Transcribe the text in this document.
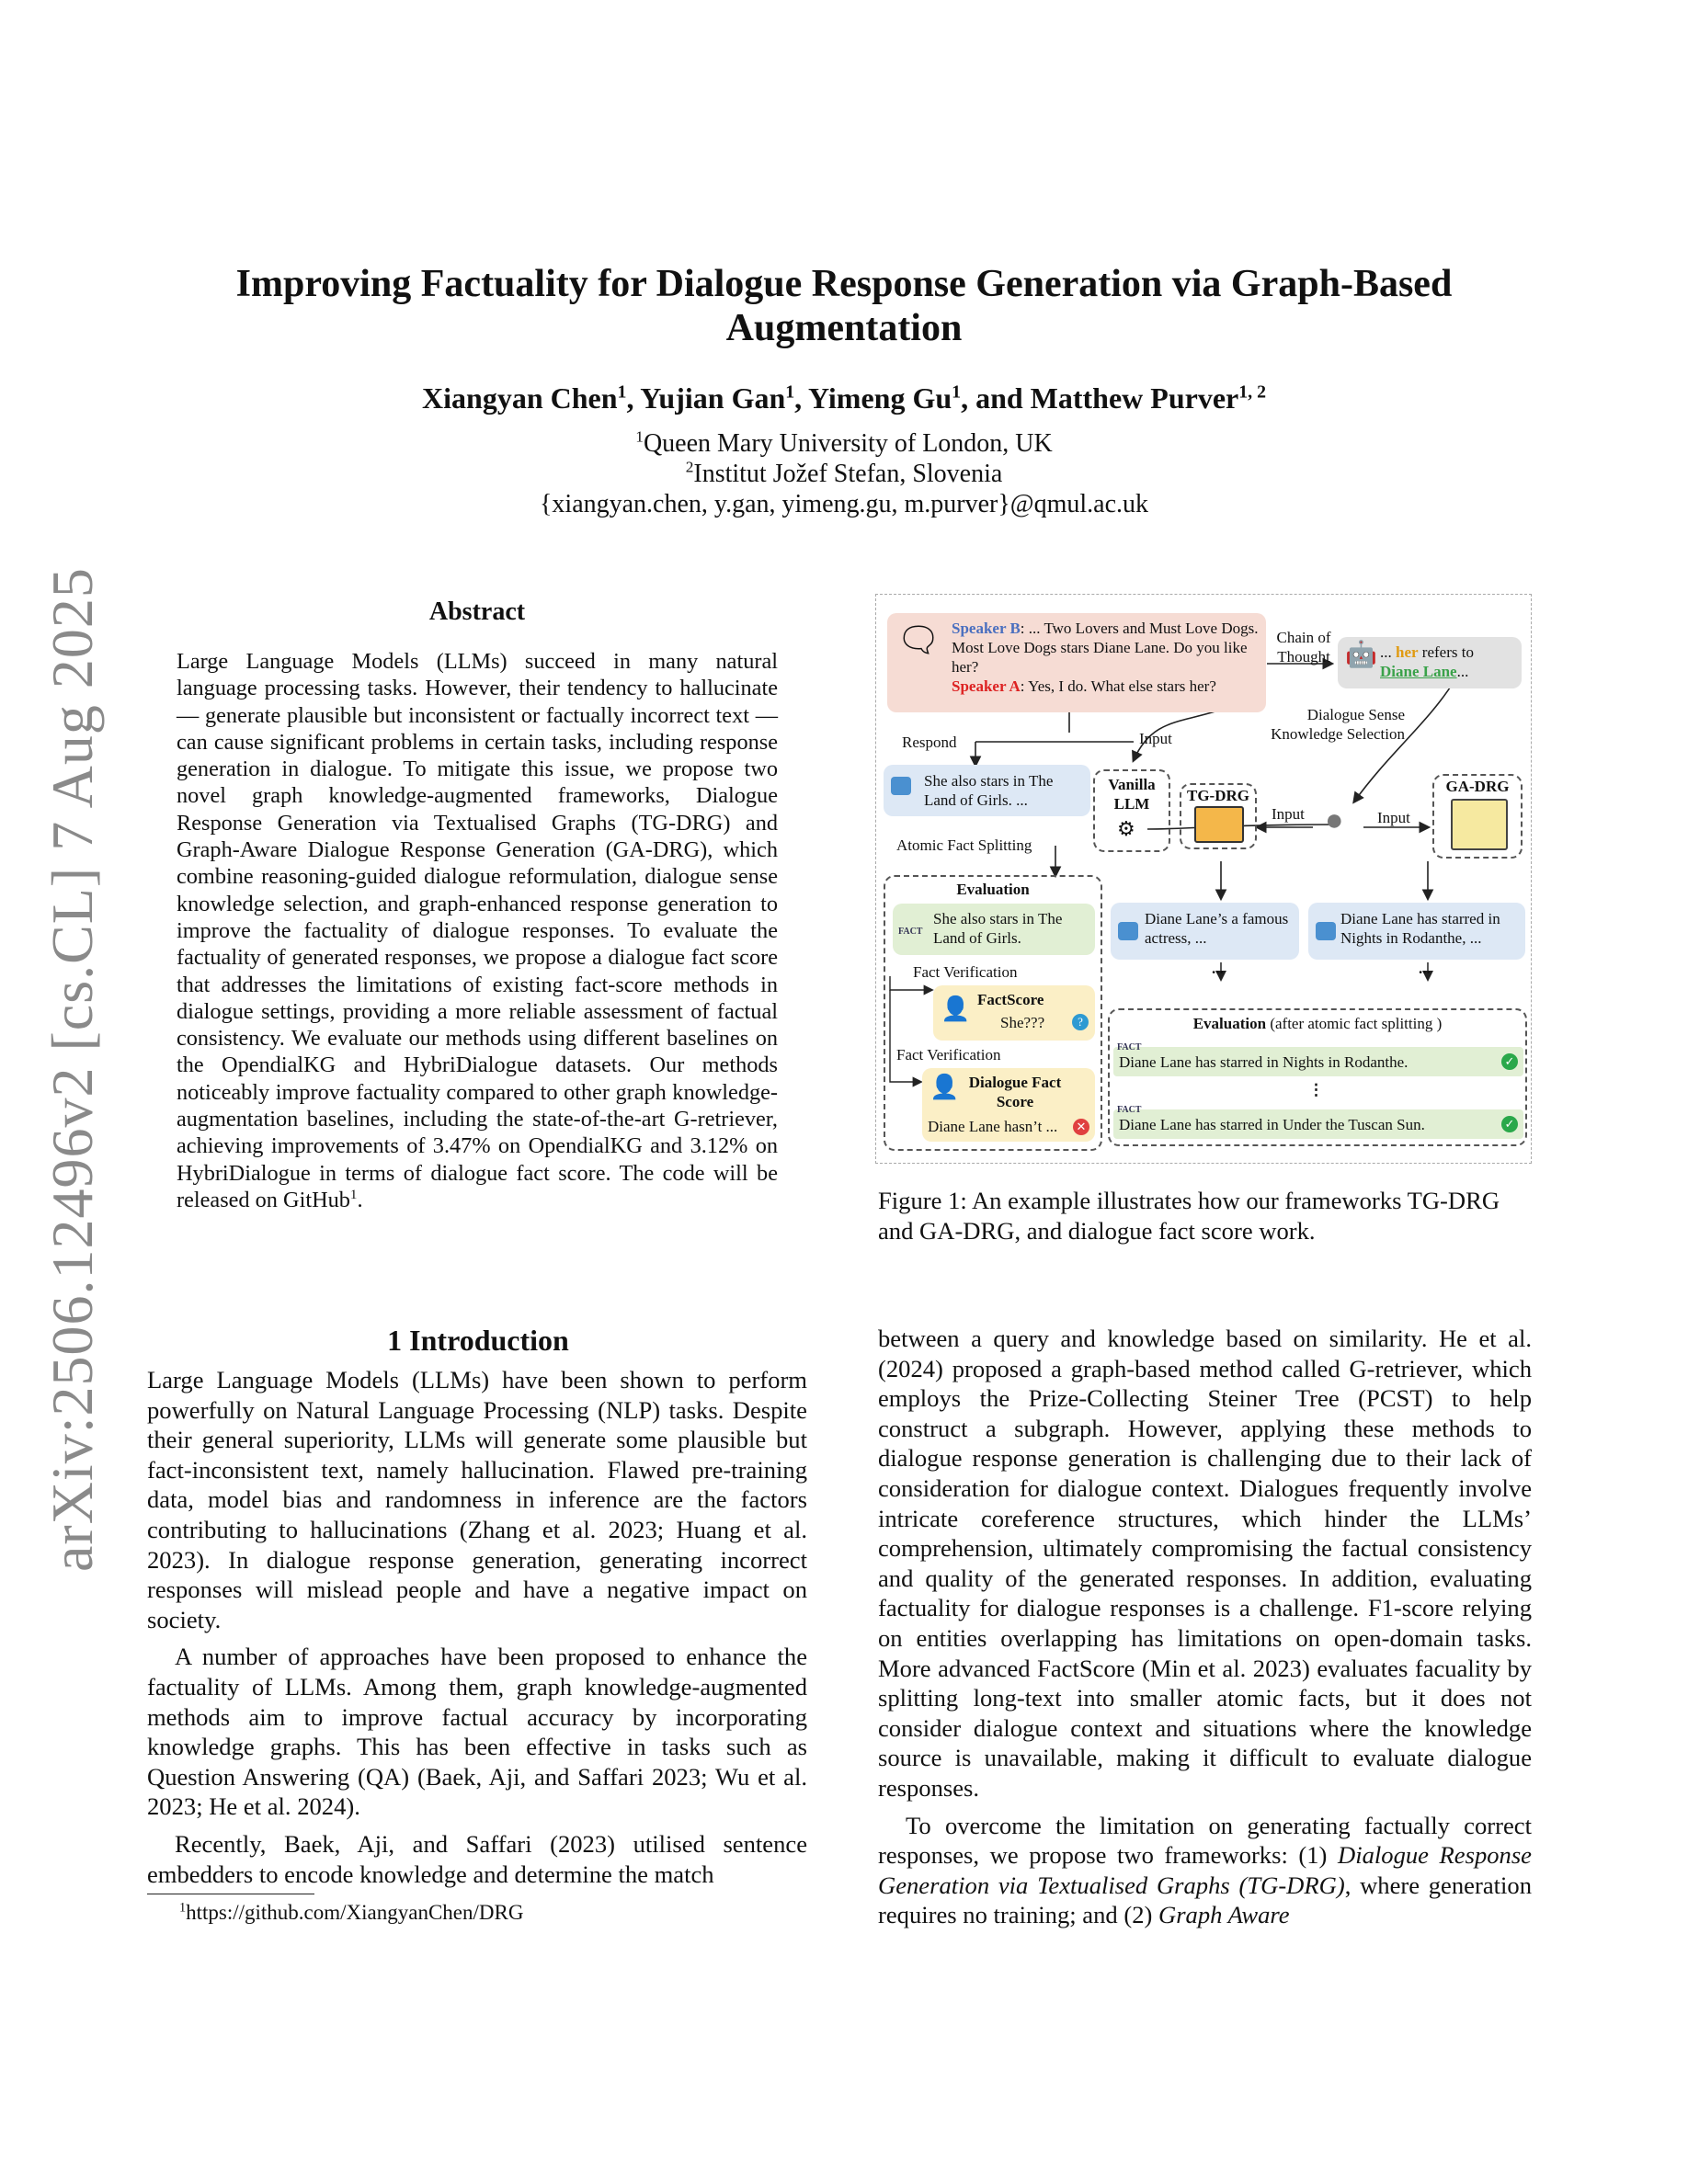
arXiv:2506.12496v2 [cs.CL] 7 Aug 2025
Improving Factuality for Dialogue Response Generation via Graph-Based Augmentation
Xiangyan Chen$^1$, Yujian Gan$^1$, Yimeng Gu$^1$, and Matthew Purver$^{1, 2}$
$^1$Queen Mary University of London, UK
$^2$Institut Jožef Stefan, Slovenia
{xiangyan.chen, y.gan, yimeng.gu, m.purver}@qmul.ac.uk
Abstract
Large Language Models (LLMs) succeed in many natural language processing tasks. However, their tendency to hallucinate — generate plausible but inconsistent or factually incorrect text — can cause significant problems in certain tasks, including response generation in dialogue. To mitigate this issue, we propose two novel graph knowledge-augmented frameworks, Dialogue Response Generation via Textualised Graphs (TG-DRG) and Graph-Aware Dialogue Response Generation (GA-DRG), which combine reasoning-guided dialogue reformulation, dialogue sense knowledge selection, and graph-enhanced response generation to improve the factuality of dialogue responses. To evaluate the factuality of generated responses, we propose a dialogue fact score that addresses the limitations of existing fact-score methods in dialogue settings, providing a more reliable assessment of factual consistency. We evaluate our methods using different baselines on the OpendialKG and HybriDialogue datasets. Our methods noticeably improve factuality compared to other graph knowledge-augmentation baselines, including the state-of-the-art G-retriever, achieving improvements of 3.47% on OpendialKG and 3.12% on HybriDialogue in terms of dialogue fact score. The code will be released on GitHub$^1$.
1 Introduction

Large Language Models (LLMs) have been shown to perform powerfully on Natural Language Processing (NLP) tasks. Despite their general superiority, LLMs will generate some plausible but fact-inconsistent text, namely hallucination. Flawed pre-training data, model bias and randomness in inference are the factors contributing to hallucinations (Zhang et al. 2023; Huang et al. 2023). In dialogue response generation, generating incorrect responses will mislead people and have a negative impact on society.

A number of approaches have been proposed to enhance the factuality of LLMs. Among them, graph knowledge-augmented methods aim to improve factual accuracy by incorporating knowledge graphs. This has been effective in tasks such as Question Answering (QA) (Baek, Aji, and Saffari 2023; Wu et al. 2023; He et al. 2024).

Recently, Baek, Aji, and Saffari (2023) utilised sentence embedders to encode knowledge and determine the match

$^1$https://github.com/XiangyanChen/DRG

between a query and knowledge based on similarity. He et al. (2024) proposed a graph-based method called G-retriever, which employs the Prize-Collecting Steiner Tree (PCST) to help construct a subgraph. However, applying these methods to dialogue response generation is challenging due to their lack of consideration for dialogue context. Dialogues frequently involve intricate coreference structures, which hinder the LLMs’ comprehension, ultimately compromising the factual consistency and quality of the generated responses. In addition, evaluating factuality for dialogue responses is a challenge. F1-score relying on entities overlapping has limitations on open-domain tasks. More advanced FactScore (Min et al. 2023) evaluates facuality by splitting long-text into smaller atomic facts, but it does not consider dialogue context and situations where the knowledge source is unavailable, making it difficult to evaluate dialogue responses.

To overcome the limitation on generating factually correct responses, we propose two frameworks: (1) Dialogue Response Generation via Textualised Graphs (TG-DRG), where generation requires no training; and (2) Graph Aware

🗨 Speaker B: ... Two Lovers and Must Love Dogs. Most Love Dogs stars Diane Lane. Do you like her?
Speaker A: Yes, I do. What else stars her?
Chain of Thought 🤖 ... her refers to
Diane Lane...
Dialogue Sense Knowledge Selection
Respond	Input
She also stars in The Land of Girls. ...
Vanilla LLM
⚙
TG-DRG
Input ● Input
GA-DRG
Atomic Fact Splitting
Evaluation
FACT
She also stars in The Land of Girls.
Fact Verification
👤 FactScore
She???	?
Fact Verification
👤 Dialogue Fact Score
Diane Lane hasn’t ... ✕
Diane Lane’s a famous actress, ...
...
Diane Lane has starred in Nights in Rodanthe, ...
...
Evaluation (after atomic fact splitting )
FACT
Diane Lane has starred in Nights in Rodanthe.	✓
⋮
FACT
Diane Lane has starred in Under the Tuscan Sun.	✓
Figure 1: An example illustrates how our frameworks TG-DRG and GA-DRG, and dialogue fact score work.
